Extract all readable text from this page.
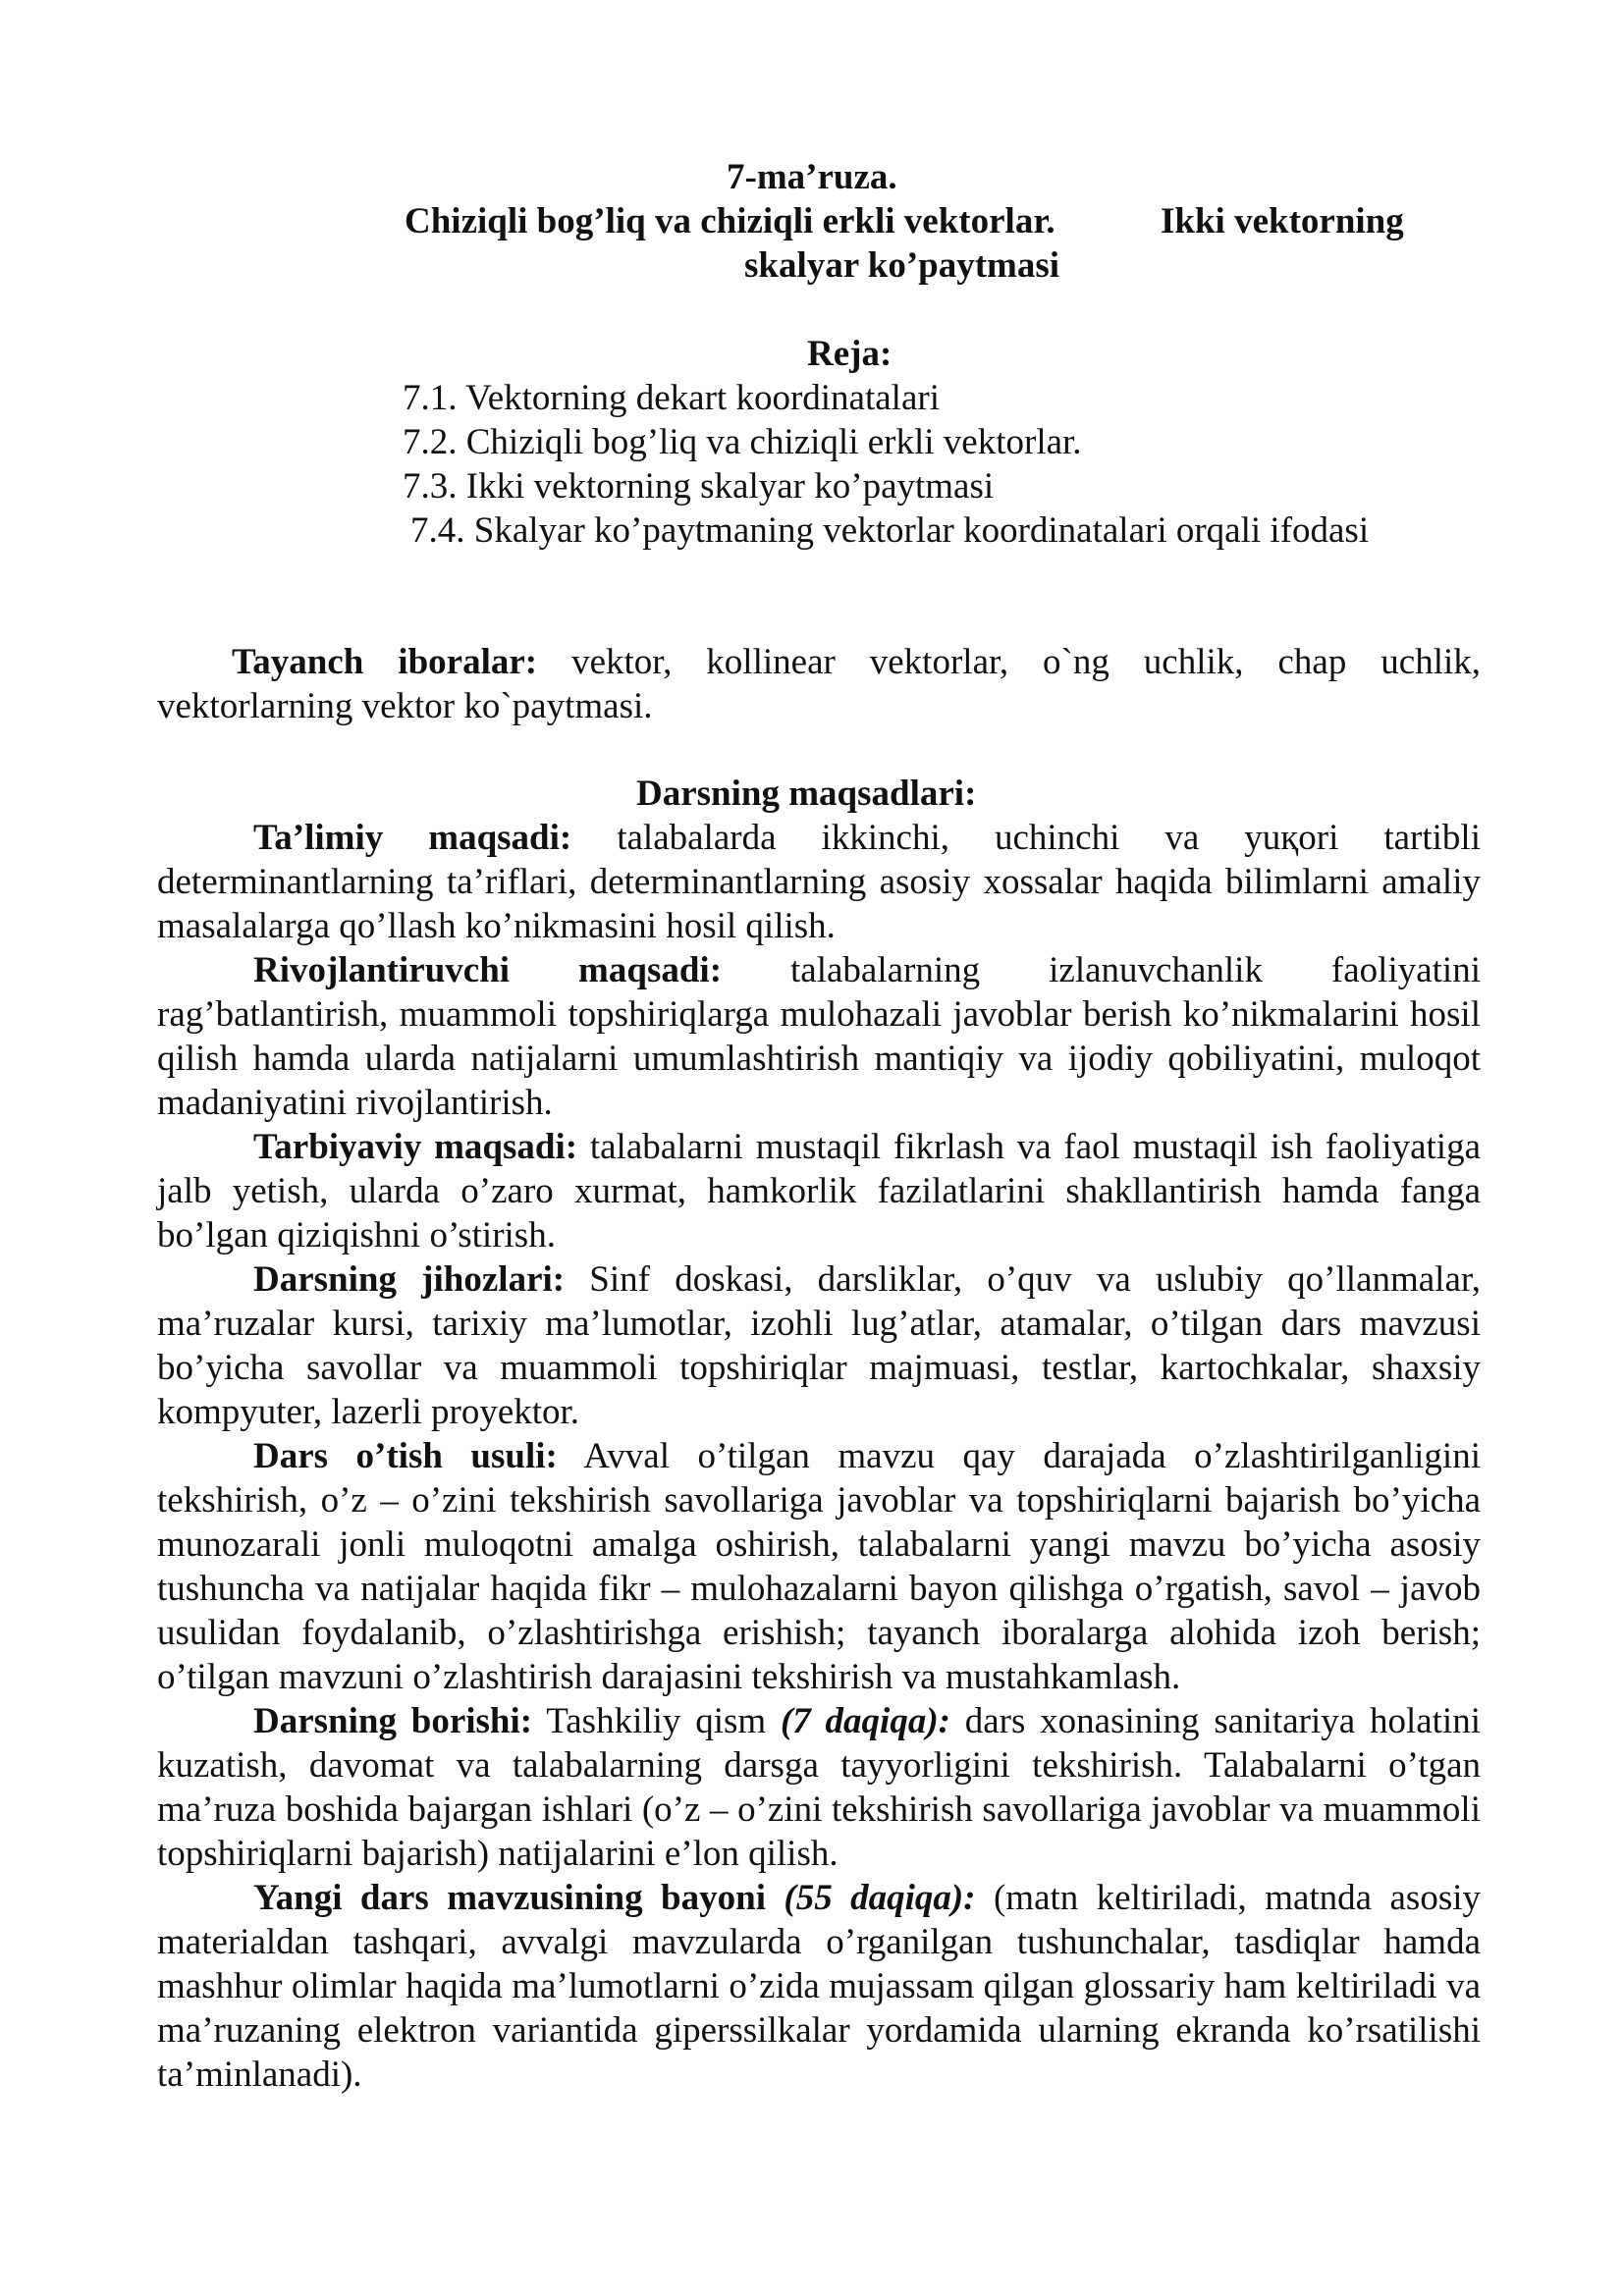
7-ma’ruza.
Chiziqli bog’liq va chiziqli erkli vektorlar.	Ikki vektorning
skalyar ko’paytmasi
Reja:
7.1. Vektorning dekart koordinatalari
7.2. Chiziqli bog’liq va chiziqli erkli vektorlar.
7.3. Ikki vektorning skalyar ko’paytmasi
7.4. Skalyar ko’paytmaning vektorlar koordinatalari orqali ifodasi

Tayanch iboralar: vektor, kollinear vektorlar, o`ng uchlik, chap uchlik, vektorlarning vektor ko`paytmasi.

Darsning maqsadlari:

Ta’limiy maqsadi: talabalarda ikkinchi, uchinchi va yuқori tartibli determinantlarning ta’riflari, determinantlarning asosiy xossalar haqida bilimlarni amaliy masalalarga qo’llash ko’nikmasini hosil qilish.

Rivojlantiruvchi maqsadi: talabalarning izlanuvchanlik faoliyatini rag’batlantirish, muammoli topshiriqlarga mulohazali javoblar berish ko’nikmalarini hosil qilish hamda ularda natijalarni umumlashtirish mantiqiy va ijodiy qobiliyatini, muloqot madaniyatini rivojlantirish.

Tarbiyaviy maqsadi: talabalarni mustaqil fikrlash va faol mustaqil ish faoliyatiga jalb yetish, ularda o’zaro xurmat, hamkorlik fazilatlarini shakllantirish hamda fanga bo’lgan qiziqishni o’stirish.

Darsning jihozlari: Sinf doskasi, darsliklar, o’quv va uslubiy qo’llanmalar, ma’ruzalar kursi, tarixiy ma’lumotlar, izohli lug’atlar, atamalar, o’tilgan dars mavzusi bo’yicha savollar va muammoli topshiriqlar majmuasi, testlar, kartochkalar, shaxsiy kompyuter, lazerli proyektor.

Dars o’tish usuli: Avval o’tilgan mavzu qay darajada o’zlashtirilganligini tekshirish, o’z – o’zini tekshirish savollariga javoblar va topshiriqlarni bajarish bo’yicha munozarali jonli muloqotni amalga oshirish, talabalarni yangi mavzu bo’yicha asosiy tushuncha va natijalar haqida fikr – mulohazalarni bayon qilishga o’rgatish, savol – javob usulidan foydalanib, o’zlashtirishga erishish; tayanch iboralarga alohida izoh berish; o’tilgan mavzuni o’zlashtirish darajasini tekshirish va mustahkamlash.

Darsning borishi: Tashkiliy qism (7 daqiqa): dars xonasining sanitariya holatini kuzatish, davomat va talabalarning darsga tayyorligini tekshirish. Talabalarni o’tgan ma’ruza boshida bajargan ishlari (o’z – o’zini tekshirish savollariga javoblar va muammoli topshiriqlarni bajarish) natijalarini e’lon qilish.

Yangi dars mavzusining bayoni (55 daqiqa): (matn keltiriladi, matnda asosiy materialdan tashqari, avvalgi mavzularda o’rganilgan tushunchalar, tasdiqlar hamda mashhur olimlar haqida ma’lumotlarni o’zida mujassam qilgan glossariy ham keltiriladi va ma’ruzaning elektron variantida giperssilkalar yordamida ularning ekranda ko’rsatilishi ta’minlanadi).
